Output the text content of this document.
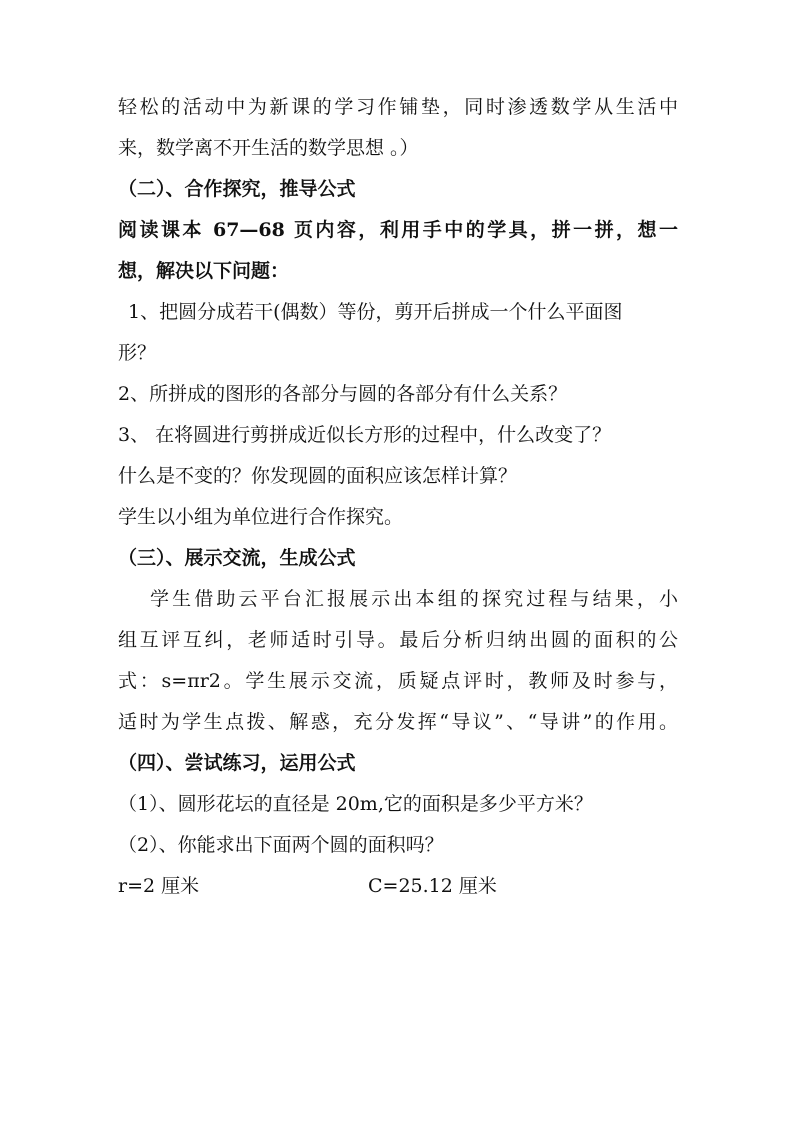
轻松的活动中为新课的学习作铺垫，同时渗透数学从生活中

来，数学离不开生活的数学思想 。）

（二）、合作探究，推导公式

阅读课本 67—68 页内容，利用手中的学具，拼一拼，想一

想，解决以下问题：

1、把圆分成若干(偶数）等份，剪开后拼成一个什么平面图

形？

2、所拼成的图形的各部分与圆的各部分有什么关系？

3、 在将圆进行剪拼成近似长方形的过程中，什么改变了？

什么是不变的？你发现圆的面积应该怎样计算？

学生以小组为单位进行合作探究。

（三）、展示交流，生成公式

学生借助云平台汇报展示出本组的探究过程与结果，小

组互评互纠，老师适时引导。最后分析归纳出圆的面积的公

式：s=πr2。学生展示交流，质疑点评时，教师及时参与，

适时为学生点拨、解惑，充分发挥“导议”、“导讲”的作用。

（四）、尝试练习，运用公式

（1）、圆形花坛的直径是 20m,它的面积是多少平方米？

（2）、你能求出下面两个圆的面积吗？

r=2 厘米	C=25.12 厘米
